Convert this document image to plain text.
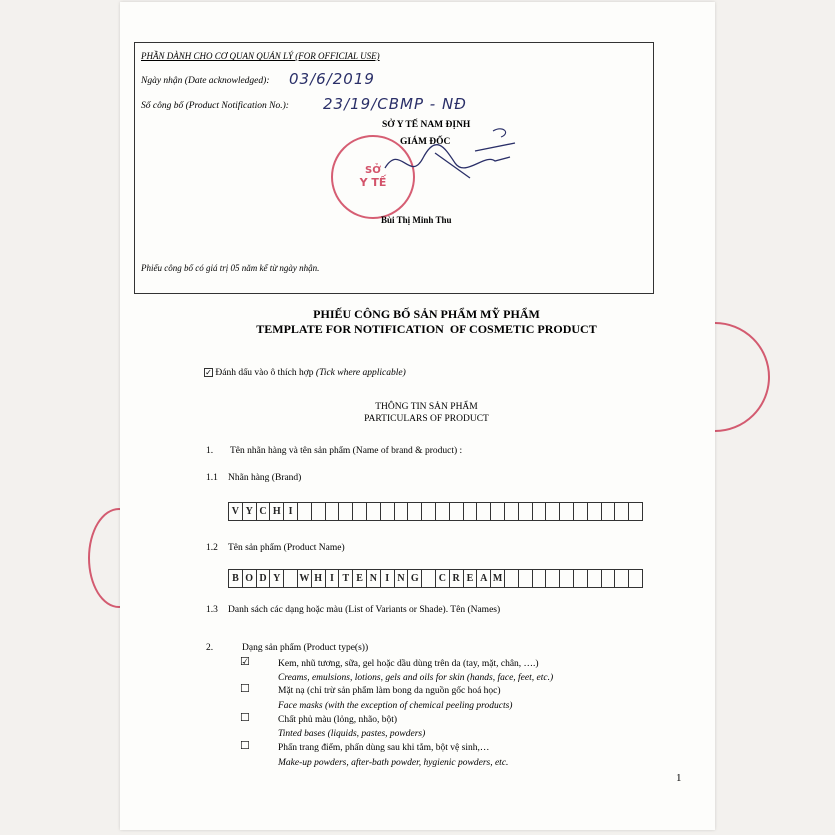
PHẦN DÀNH CHO CƠ QUAN QUẢN LÝ (FOR OFFICIAL USE)
Ngày nhận (Date acknowledged): 03/6/2019
Số công bố (Product Notification No.): 23/19/CBMP - NĐ
SỞ Y TẾ NAM ĐỊNH
GIÁM ĐỐC
SỞ
Y TẾ
Bùi Thị Minh Thu
Phiếu công bố có giá trị 05 năm kể từ ngày nhận.
PHIẾU CÔNG BỐ SẢN PHẨM MỸ PHẨM
TEMPLATE FOR NOTIFICATION  OF COSMETIC PRODUCT
✓ Đánh dấu vào ô thích hợp (Tick where applicable)
THÔNG TIN SẢN PHẨM
PARTICULARS OF PRODUCT
1. Tên nhãn hàng và tên sản phẩm (Name of brand & product) :
1.1 Nhãn hàng (Brand)
V Y C H I
1.2 Tên sản phẩm (Product Name)
B O D Y	W H I T E N I N G	C R E A M
1.3 Danh sách các dạng hoặc màu (List of Variants or Shade). Tên (Names)
2.	Dạng sản phẩm (Product type(s))
☑	Kem, nhũ tương, sữa, gel hoặc dầu dùng trên da (tay, mặt, chân, ….)
Creams, emulsions, lotions, gels and oils for skin (hands, face, feet, etc.)
☐	Mặt nạ (chỉ trừ sản phẩm làm bong da nguồn gốc hoá học)
Face masks (with the exception of chemical peeling products)
☐	Chất phủ màu (lỏng, nhão, bột)
Tinted bases (liquids, pastes, powders)
☐	Phấn trang điểm, phấn dùng sau khi tắm, bột vệ sinh,…
Make-up powders, after-bath powder, hygienic powders, etc.
1
